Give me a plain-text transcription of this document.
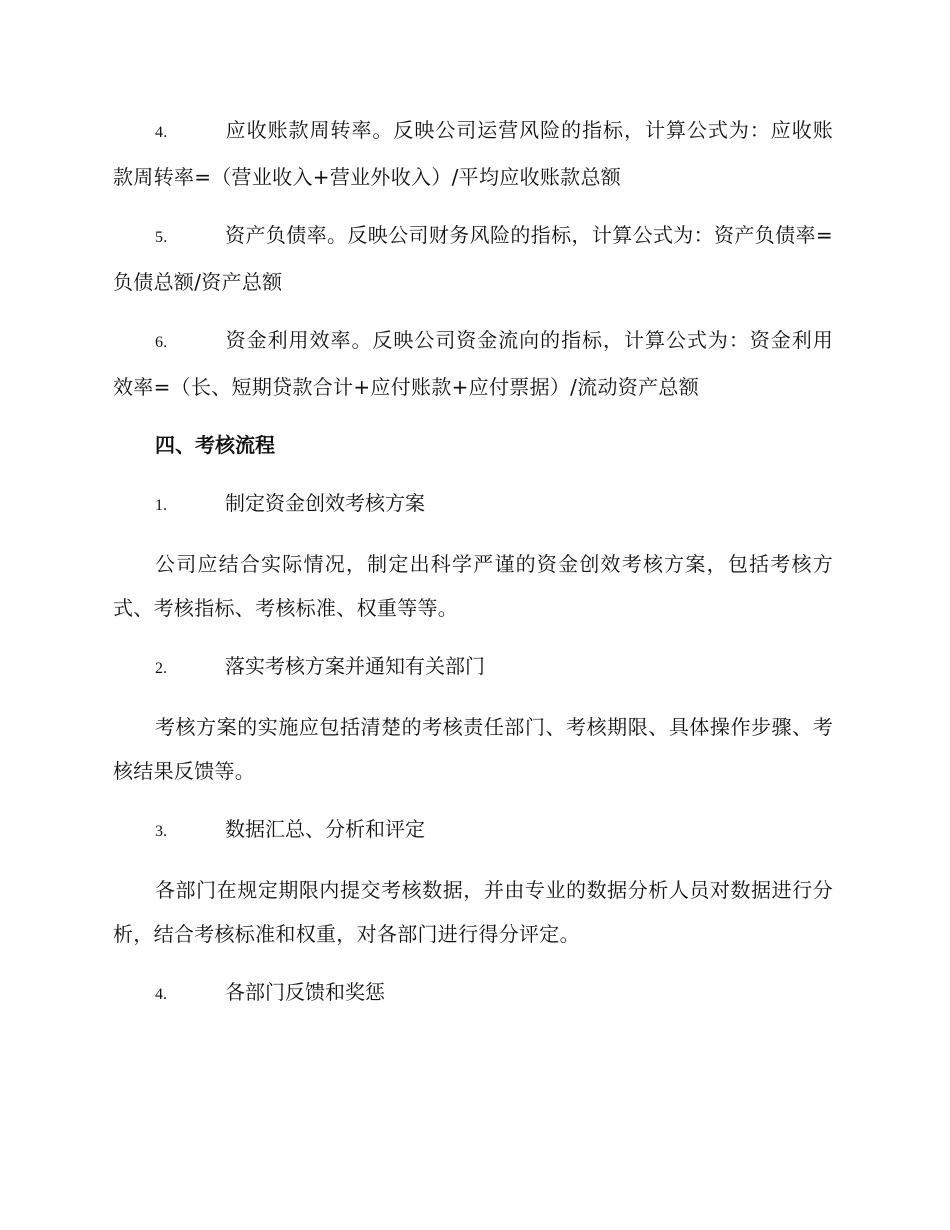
4.	应收账款周转率。反映公司运营风险的指标，计算公式为：应收账款周转率=（营业收入+营业外收入）/平均应收账款总额

5.	资产负债率。反映公司财务风险的指标，计算公式为：资产负债率=负债总额/资产总额

6.	资金利用效率。反映公司资金流向的指标，计算公式为：资金利用效率=（长、短期贷款合计+应付账款+应付票据）/流动资产总额

四、考核流程

1.	制定资金创效考核方案

公司应结合实际情况，制定出科学严谨的资金创效考核方案，包括考核方式、考核指标、考核标准、权重等等。

2.	落实考核方案并通知有关部门

考核方案的实施应包括清楚的考核责任部门、考核期限、具体操作步骤、考核结果反馈等。

3.	数据汇总、分析和评定

各部门在规定期限内提交考核数据，并由专业的数据分析人员对数据进行分析，结合考核标准和权重，对各部门进行得分评定。

4.	各部门反馈和奖惩
